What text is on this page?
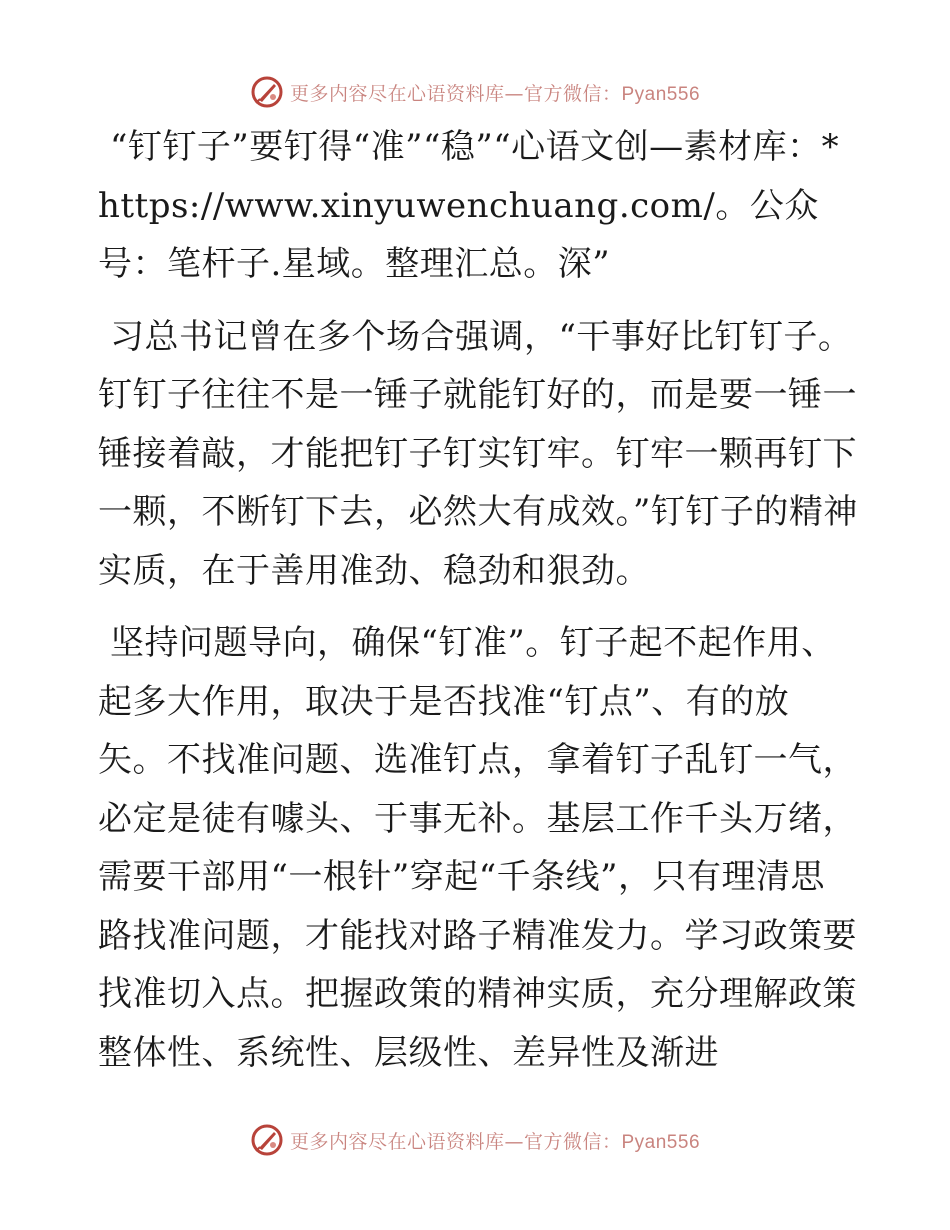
更多内容尽在心语资料库—官方微信：Pyan556

“钉钉子”要钉得“准”“稳”“心语文创—素材库：*https://www.xinyuwenchuang.com/。公众号：笔杆子.星域。整理汇总。深”

习总书记曾在多个场合强调，“干事好比钉钉子。钉钉子往往不是一锤子就能钉好的，而是要一锤一锤接着敲，才能把钉子钉实钉牢。钉牢一颗再钉下一颗，不断钉下去，必然大有成效。”钉钉子的精神实质，在于善用准劲、稳劲和狠劲。

坚持问题导向，确保“钉准”。钉子起不起作用、起多大作用，取决于是否找准“钉点”、有的放矢。不找准问题、选准钉点，拿着钉子乱钉一气，必定是徒有噱头、于事无补。基层工作千头万绪，需要干部用“一根针”穿起“千条线”，只有理清思路找准问题，才能找对路子精准发力。学习政策要找准切入点。把握政策的精神实质，充分理解政策整体性、系统性、层级性、差异性及渐进

更多内容尽在心语资料库—官方微信：Pyan556
